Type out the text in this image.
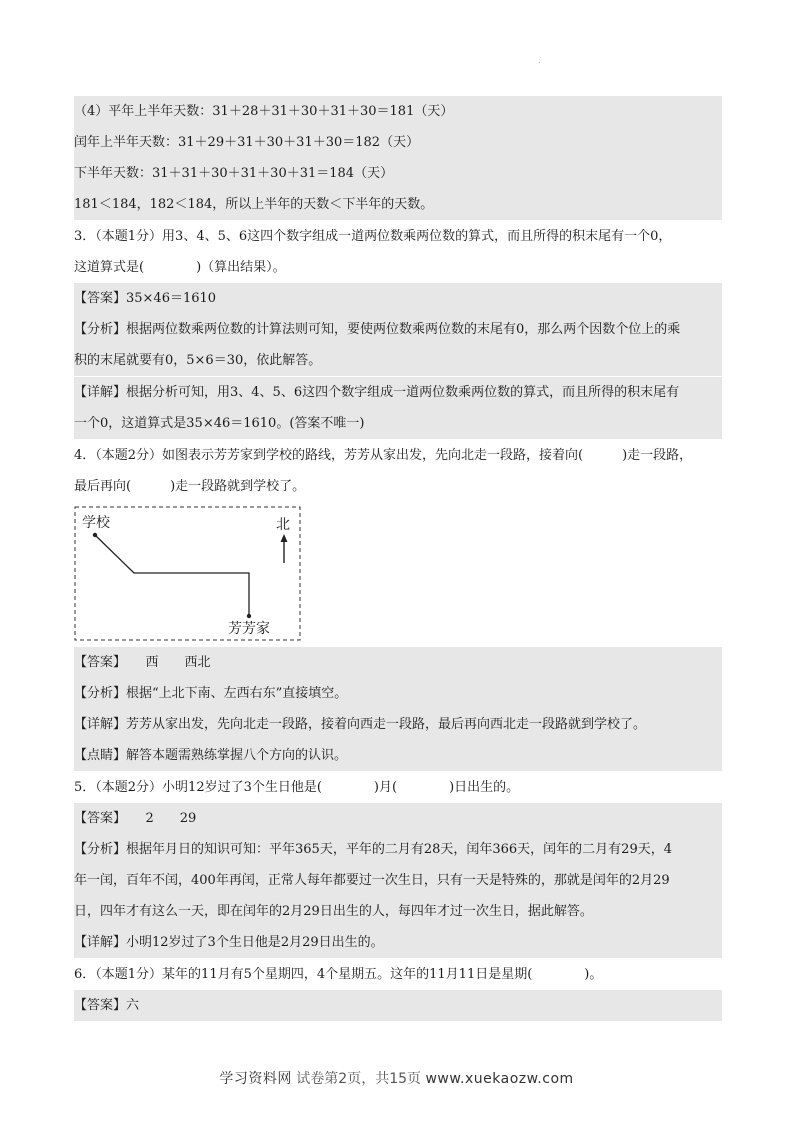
.
（4）平年上半年天数：31＋28＋31＋30＋31＋30＝181（天）
闰年上半年天数：31＋29＋31＋30＋31＋30＝182（天）
下半年天数：31＋31＋30＋31＋30＋31＝184（天）
181＜184，182＜184，所以上半年的天数＜下半年的天数。
3．（本题1分）用3、4、5、6这四个数字组成一道两位数乘两位数的算式，而且所得的积末尾有一个0，
这道算式是(　　　　)（算出结果）。
【答案】35×46＝1610
【分析】根据两位数乘两位数的计算法则可知，要使两位数乘两位数的末尾有0，那么两个因数个位上的乘
积的末尾就要有0，5×6＝30，依此解答。
【详解】根据分析可知，用3、4、5、6这四个数字组成一道两位数乘两位数的算式，而且所得的积末尾有
一个0，这道算式是35×46＝1610。(答案不唯一)
4．（本题2分）如图表示芳芳家到学校的路线，芳芳从家出发，先向北走一段路，接着向(　　　)走一段路，
最后再向(　　　)走一段路就到学校了。
学校	北
芳芳家
【答案】　　西　　西北
【分析】根据“上北下南、左西右东”直接填空。
【详解】芳芳从家出发，先向北走一段路，接着向西走一段路，最后再向西北走一段路就到学校了。
【点睛】解答本题需熟练掌握八个方向的认识。
5．（本题2分）小明12岁过了3个生日他是(　　　　)月(　　　　)日出生的。
【答案】　　2　　29
【分析】根据年月日的知识可知：平年365天，平年的二月有28天，闰年366天，闰年的二月有29天，4
年一闰，百年不闰，400年再闰，正常人每年都要过一次生日，只有一天是特殊的，那就是闰年的2月29
日，四年才有这么一天，即在闰年的2月29日出生的人，每四年才过一次生日，据此解答。
【详解】小明12岁过了3个生日他是2月29日出生的。
6．（本题1分）某年的11月有5个星期四，4个星期五。这年的11月11日是星期(　　　　)。
【答案】六
学习资料网 试卷第2页，共15页 www.xuekaozw.com
